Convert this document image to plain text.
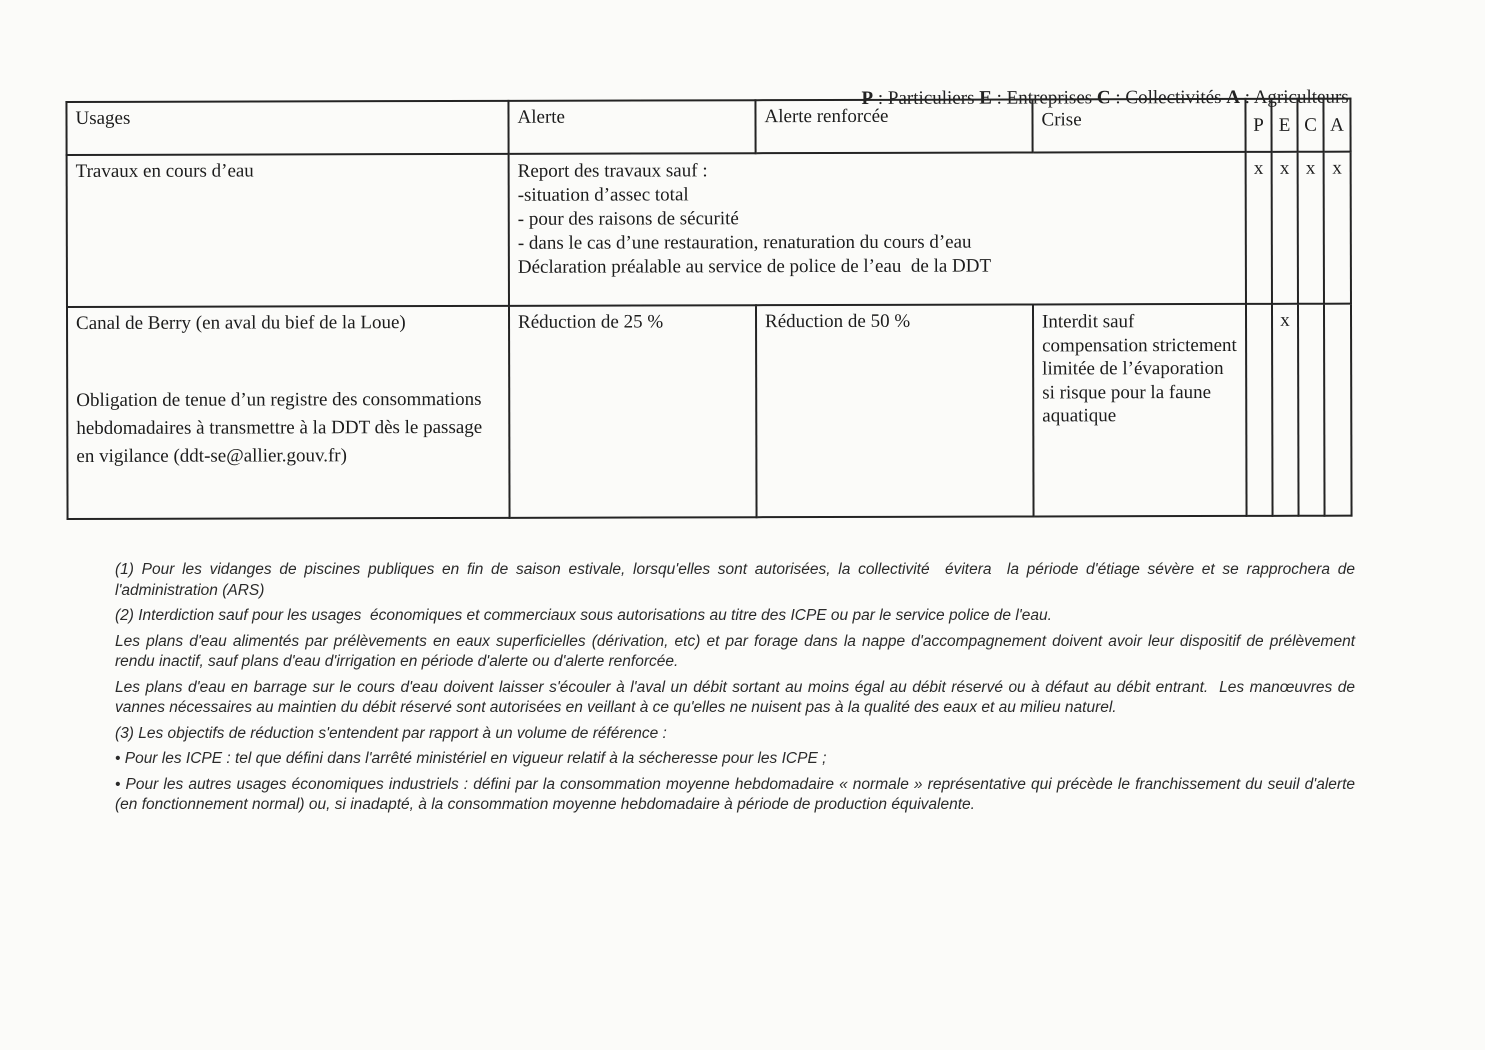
P : Particuliers E : Entreprises C : Collectivités A : Agriculteurs

Usages	Alerte	Alerte renforcée	Crise	P	E	C	A
Travaux en cours d’eau	Report des travaux sauf :
-situation d’assec total
- pour des raisons de sécurité
- dans le cas d’une restauration, renaturation du cours d’eau
Déclaration préalable au service de police de l’eau  de la DDT			x	x	x	x

Canal de Berry (en aval du bief de la Loue)
Obligation de tenue d’un registre des consommations hebdomadaires à transmettre à la DDT dès le passage en vigilance (ddt-se@allier.gouv.fr)	Réduction de 25 %	Réduction de 50 %	Interdit sauf compensation strictement limitée de l’évaporation si risque pour la faune aquatique		x		

(1) Pour les vidanges de piscines publiques en fin de saison estivale, lorsqu'elles sont autorisées, la collectivité  évitera  la période d'étiage sévère et se rapprochera de l'administration (ARS)

(2) Interdiction sauf pour les usages  économiques et commerciaux sous autorisations au titre des ICPE ou par le service police de l'eau.

Les plans d'eau alimentés par prélèvements en eaux superficielles (dérivation, etc) et par forage dans la nappe d'accompagnement doivent avoir leur dispositif de prélèvement rendu inactif, sauf plans d'eau d'irrigation en période d'alerte ou d'alerte renforcée.

Les plans d'eau en barrage sur le cours d'eau doivent laisser s'écouler à l'aval un débit sortant au moins égal au débit réservé ou à défaut au débit entrant.  Les manœuvres de vannes nécessaires au maintien du débit réservé sont autorisées en veillant à ce qu'elles ne nuisent pas à la qualité des eaux et au milieu naturel.

(3) Les objectifs de réduction s'entendent par rapport à un volume de référence :

• Pour les ICPE : tel que défini dans l'arrêté ministériel en vigueur relatif à la sécheresse pour les ICPE ;

• Pour les autres usages économiques industriels : défini par la consommation moyenne hebdomadaire « normale » représentative qui précède le franchissement du seuil d'alerte (en fonctionnement normal) ou, si inadapté, à la consommation moyenne hebdomadaire à période de production équivalente.
